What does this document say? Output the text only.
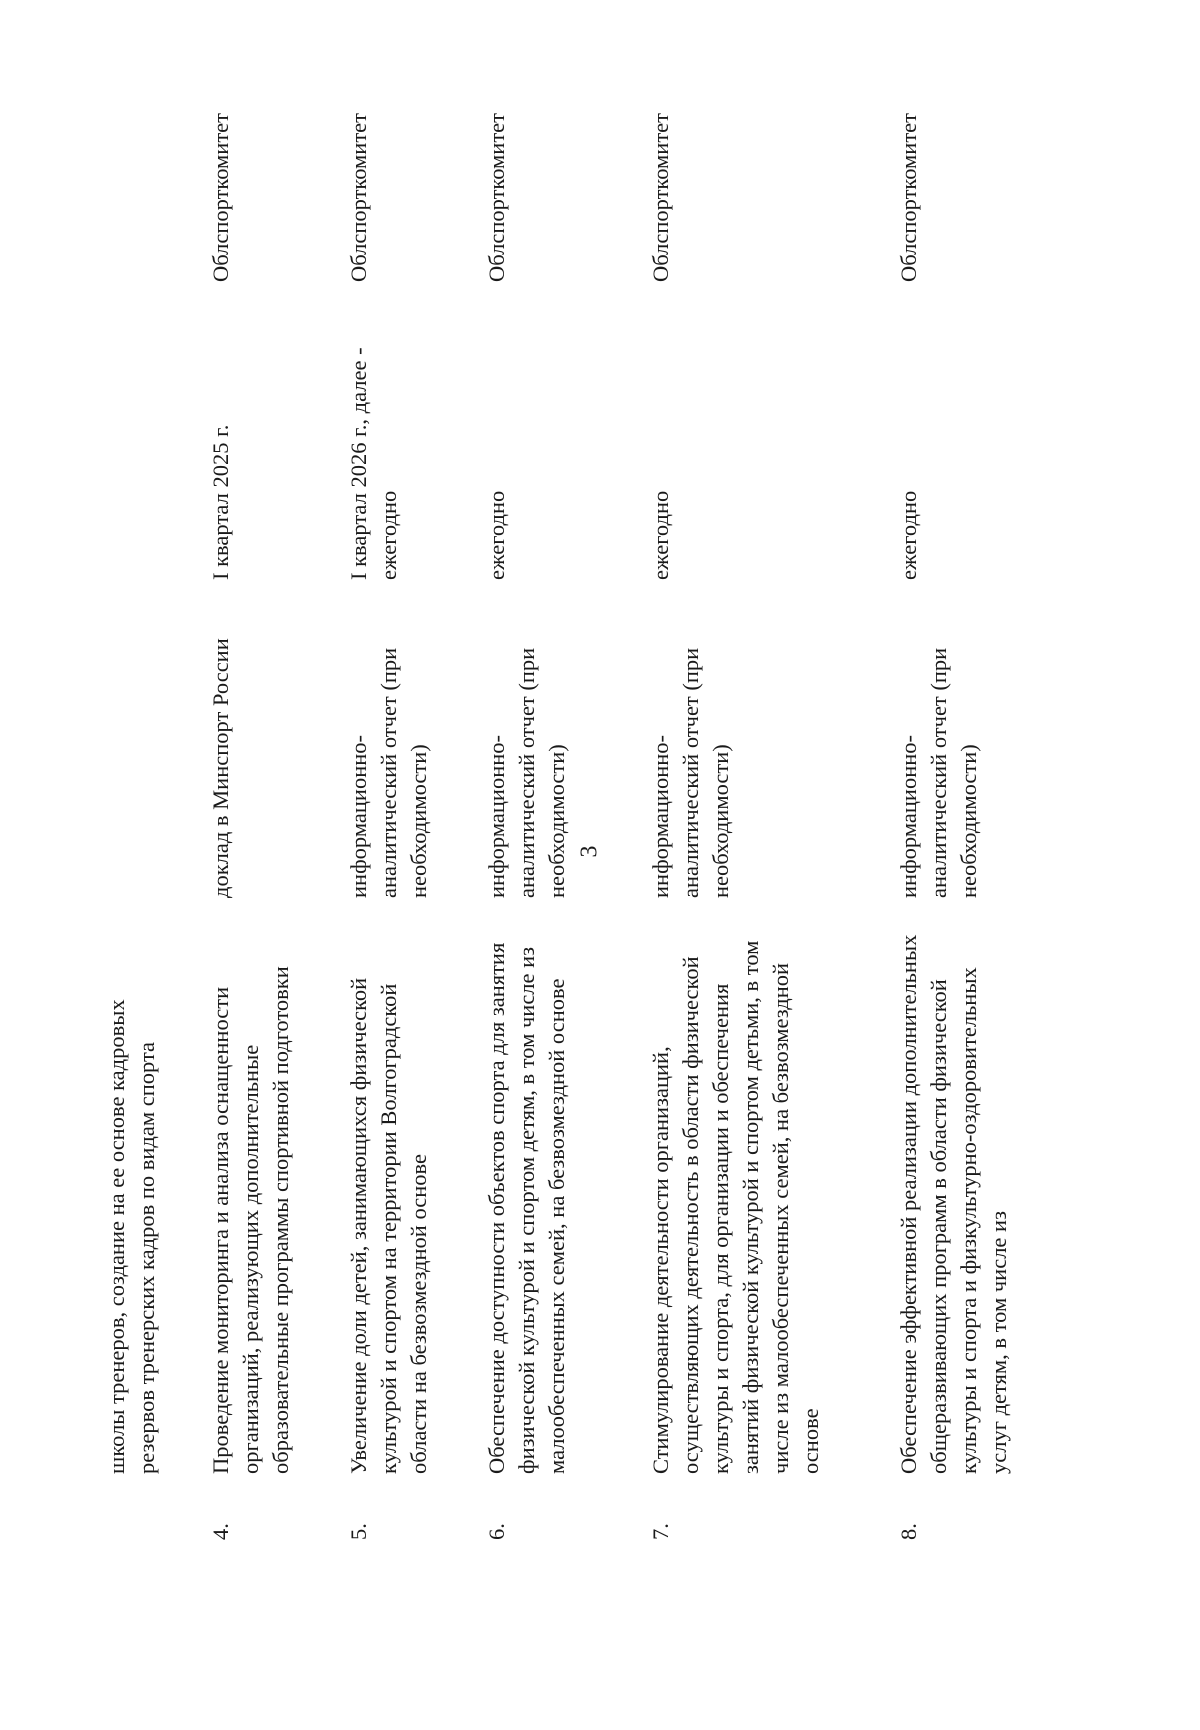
3
школы тренеров, создание на ее основе кадровых резервов тренерских кадров по видам спорта
4.
Проведение мониторинга и анализа оснащенности организаций, реализующих дополнительные образовательные программы спортивной подготовки
доклад в Минспорт России
I квартал 2025 г.
Облспорткомитет
5.
Увеличение доли детей, занимающихся физической культурой и спортом на территории Волгоградской области на безвозмездной основе
информационно-аналитический отчет (при необходимости)
I квартал 2026 г., далее - ежегодно
Облспорткомитет
6.
Обеспечение доступности объектов спорта для занятия физической культурой и спортом детям, в том числе из малообеспеченных семей, на безвозмездной основе
информационно-аналитический отчет (при необходимости)
ежегодно
Облспорткомитет
7.
Стимулирование деятельности организаций, осуществляющих деятельность в области физической культуры и спорта, для организации и обеспечения занятий физической культурой и спортом детьми, в том числе из малообеспеченных семей, на безвозмездной основе
информационно-аналитический отчет (при необходимости)
ежегодно
Облспорткомитет
8.
Обеспечение эффективной реализации дополнительных общеразвивающих программ в области физической культуры и спорта и физкультурно-оздоровительных услуг детям, в том числе из
информационно-аналитический отчет (при необходимости)
ежегодно
Облспорткомитет
